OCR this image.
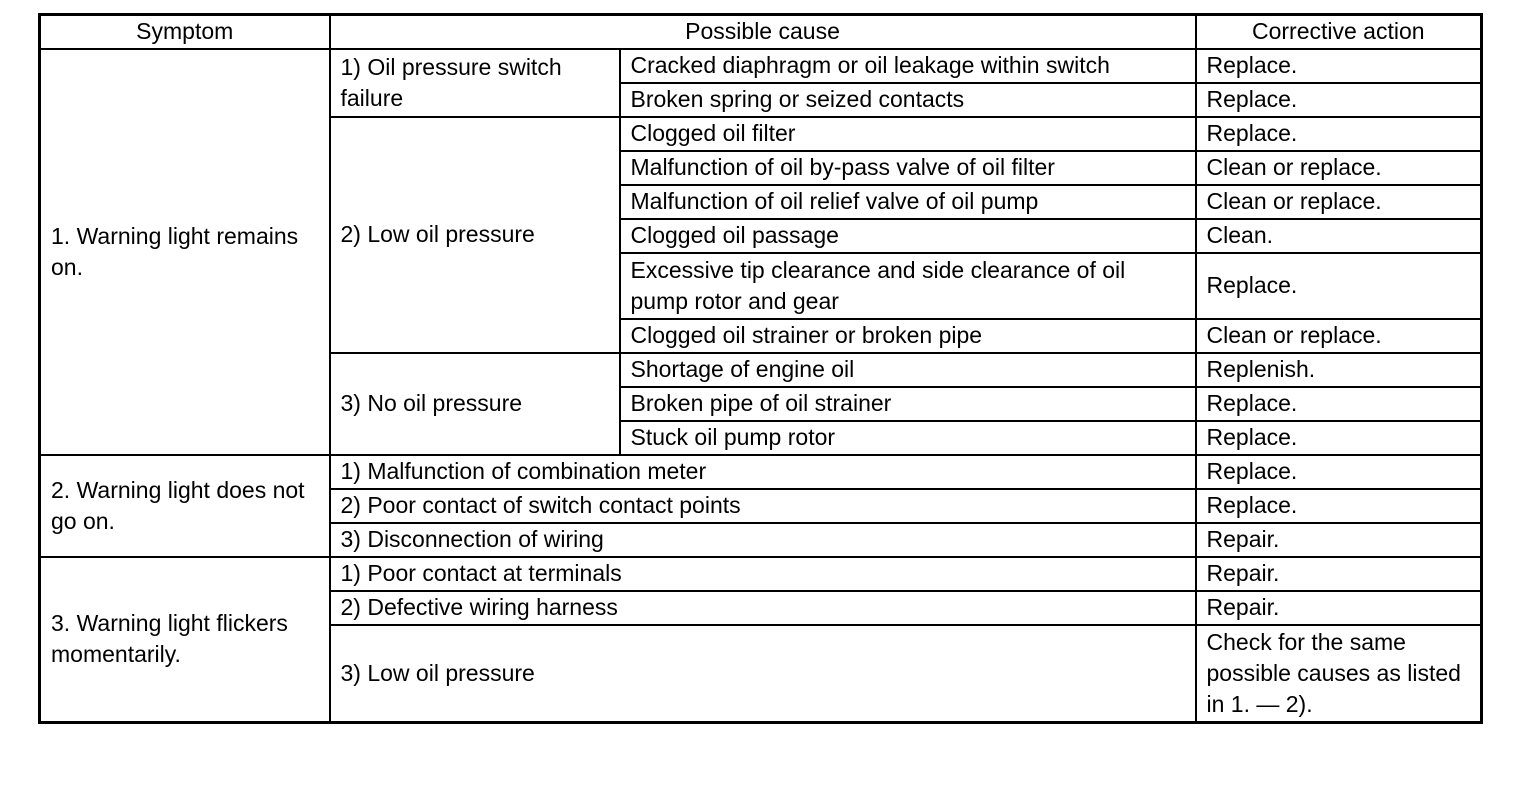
Symptom	Possible cause		Corrective action
1. Warning light remains on.	1) Oil pressure switch failure	Cracked diaphragm or oil leakage within switch	Replace.
		Broken spring or seized contacts	Replace.
	2) Low oil pressure	Clogged oil filter	Replace.
		Malfunction of oil by-pass valve of oil filter	Clean or replace.
		Malfunction of oil relief valve of oil pump	Clean or replace.
		Clogged oil passage	Clean.
		Excessive tip clearance and side clearance of oil pump rotor and gear	Replace.
		Clogged oil strainer or broken pipe	Clean or replace.
	3) No oil pressure	Shortage of engine oil	Replenish.
		Broken pipe of oil strainer	Replace.
		Stuck oil pump rotor	Replace.
2. Warning light does not go on.	1) Malfunction of combination meter		Replace.
	2) Poor contact of switch contact points		Replace.
	3) Disconnection of wiring		Repair.
3. Warning light flickers momentarily.	1) Poor contact at terminals		Repair.
	2) Defective wiring harness		Repair.
	3) Low oil pressure		Check for the same possible causes as listed in 1. — 2).
